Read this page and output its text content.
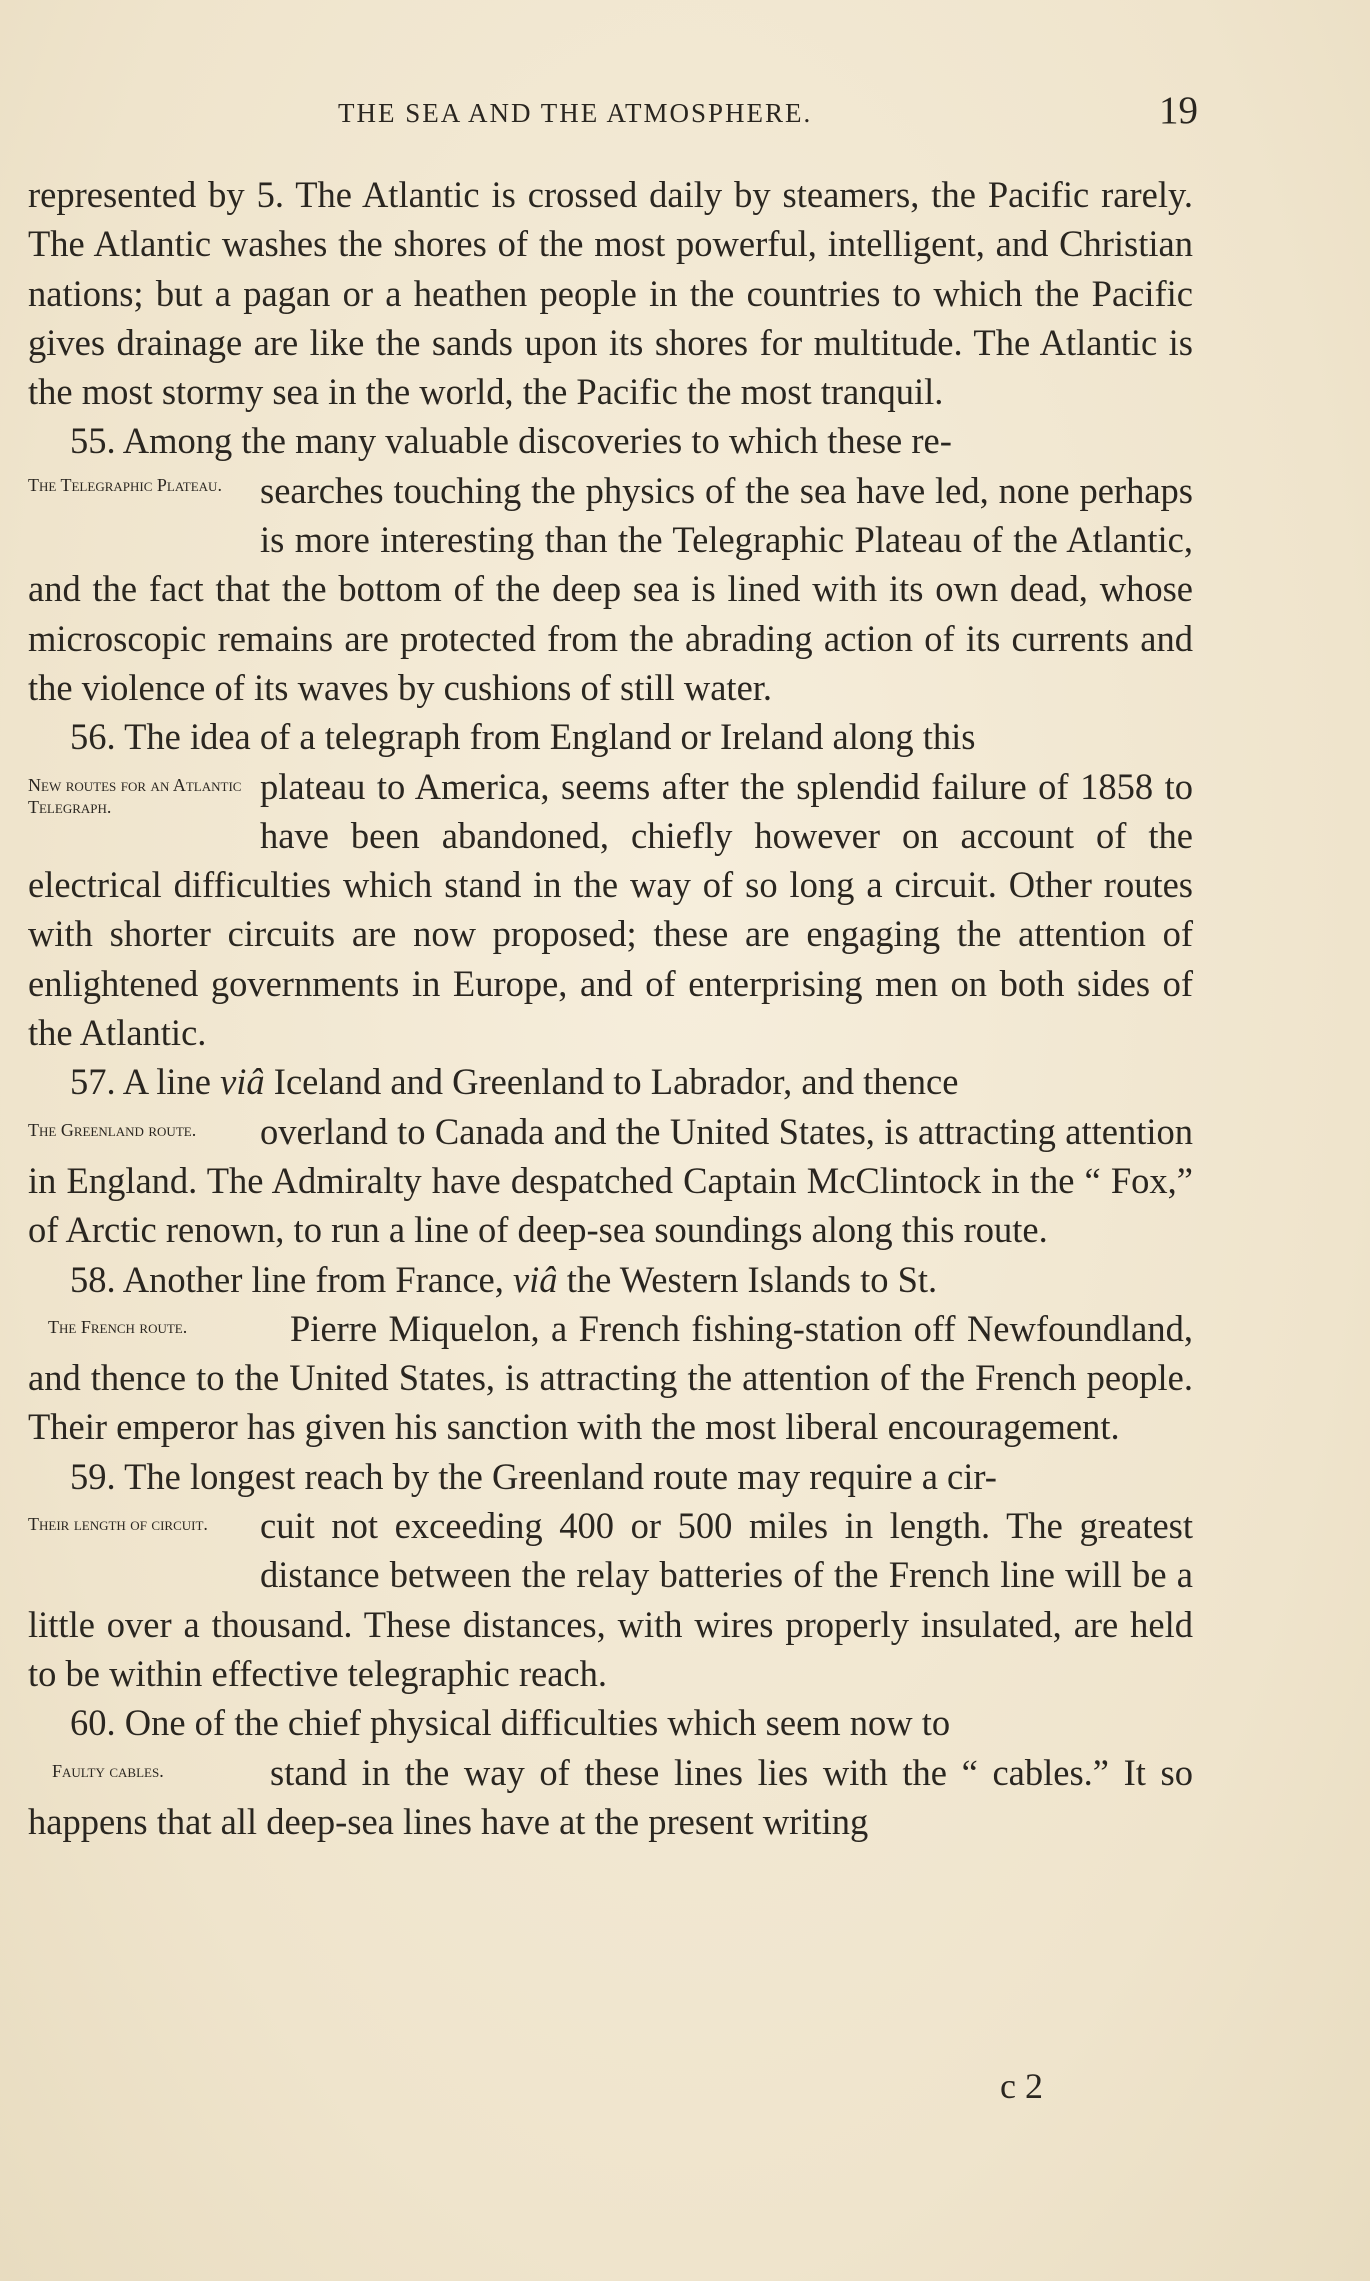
THE SEA AND THE ATMOSPHERE.	19

represented by 5. The Atlantic is crossed daily by steamers, the Pacific rarely. The Atlantic washes the shores of the most powerful, intelligent, and Christian nations; but a pagan or a heathen people in the countries to which the Pacific gives drainage are like the sands upon its shores for multitude. The Atlantic is the most stormy sea in the world, the Pacific the most tranquil.

55. Among the many valuable discoveries to which these re-

The Telegraphic Plateau.	searches touching the physics of the sea have led, none perhaps is more interesting than the Telegraphic Plateau of the Atlantic, and the fact that the bottom of the deep sea is lined with its own dead, whose microscopic remains are protected from the abrading action of its currents and the violence of its waves by cushions of still water.

56. The idea of a telegraph from England or Ireland along this

New routes for an Atlantic Telegraph.	plateau to America, seems after the splendid failure of 1858 to have been abandoned, chiefly however on account of the electrical difficulties which stand in the way of so long a circuit. Other routes with shorter circuits are now proposed; these are engaging the attention of enlightened governments in Europe, and of enterprising men on both sides of the Atlantic.

57. A line viâ Iceland and Greenland to Labrador, and thence

The Greenland route.	overland to Canada and the United States, is attracting attention in England. The Admiralty have despatched Captain McClintock in the “ Fox,” of Arctic renown, to run a line of deep-sea soundings along this route.

58. Another line from France, viâ the Western Islands to St.

The French route.	Pierre Miquelon, a French fishing-station off Newfoundland, and thence to the United States, is attracting the attention of the French people. Their emperor has given his sanction with the most liberal encouragement.

59. The longest reach by the Greenland route may require a cir-

Their length of circuit. cuit not exceeding 400 or 500 miles in length. The greatest distance between the relay batteries of the French line will be a little over a thousand. These distances, with wires properly insulated, are held to be within effective telegraphic reach.

60. One of the chief physical difficulties which seem now to

Faulty cables.	stand in the way of these lines lies with the “ cables.” It so happens that all deep-sea lines have at the present writing
c 2
